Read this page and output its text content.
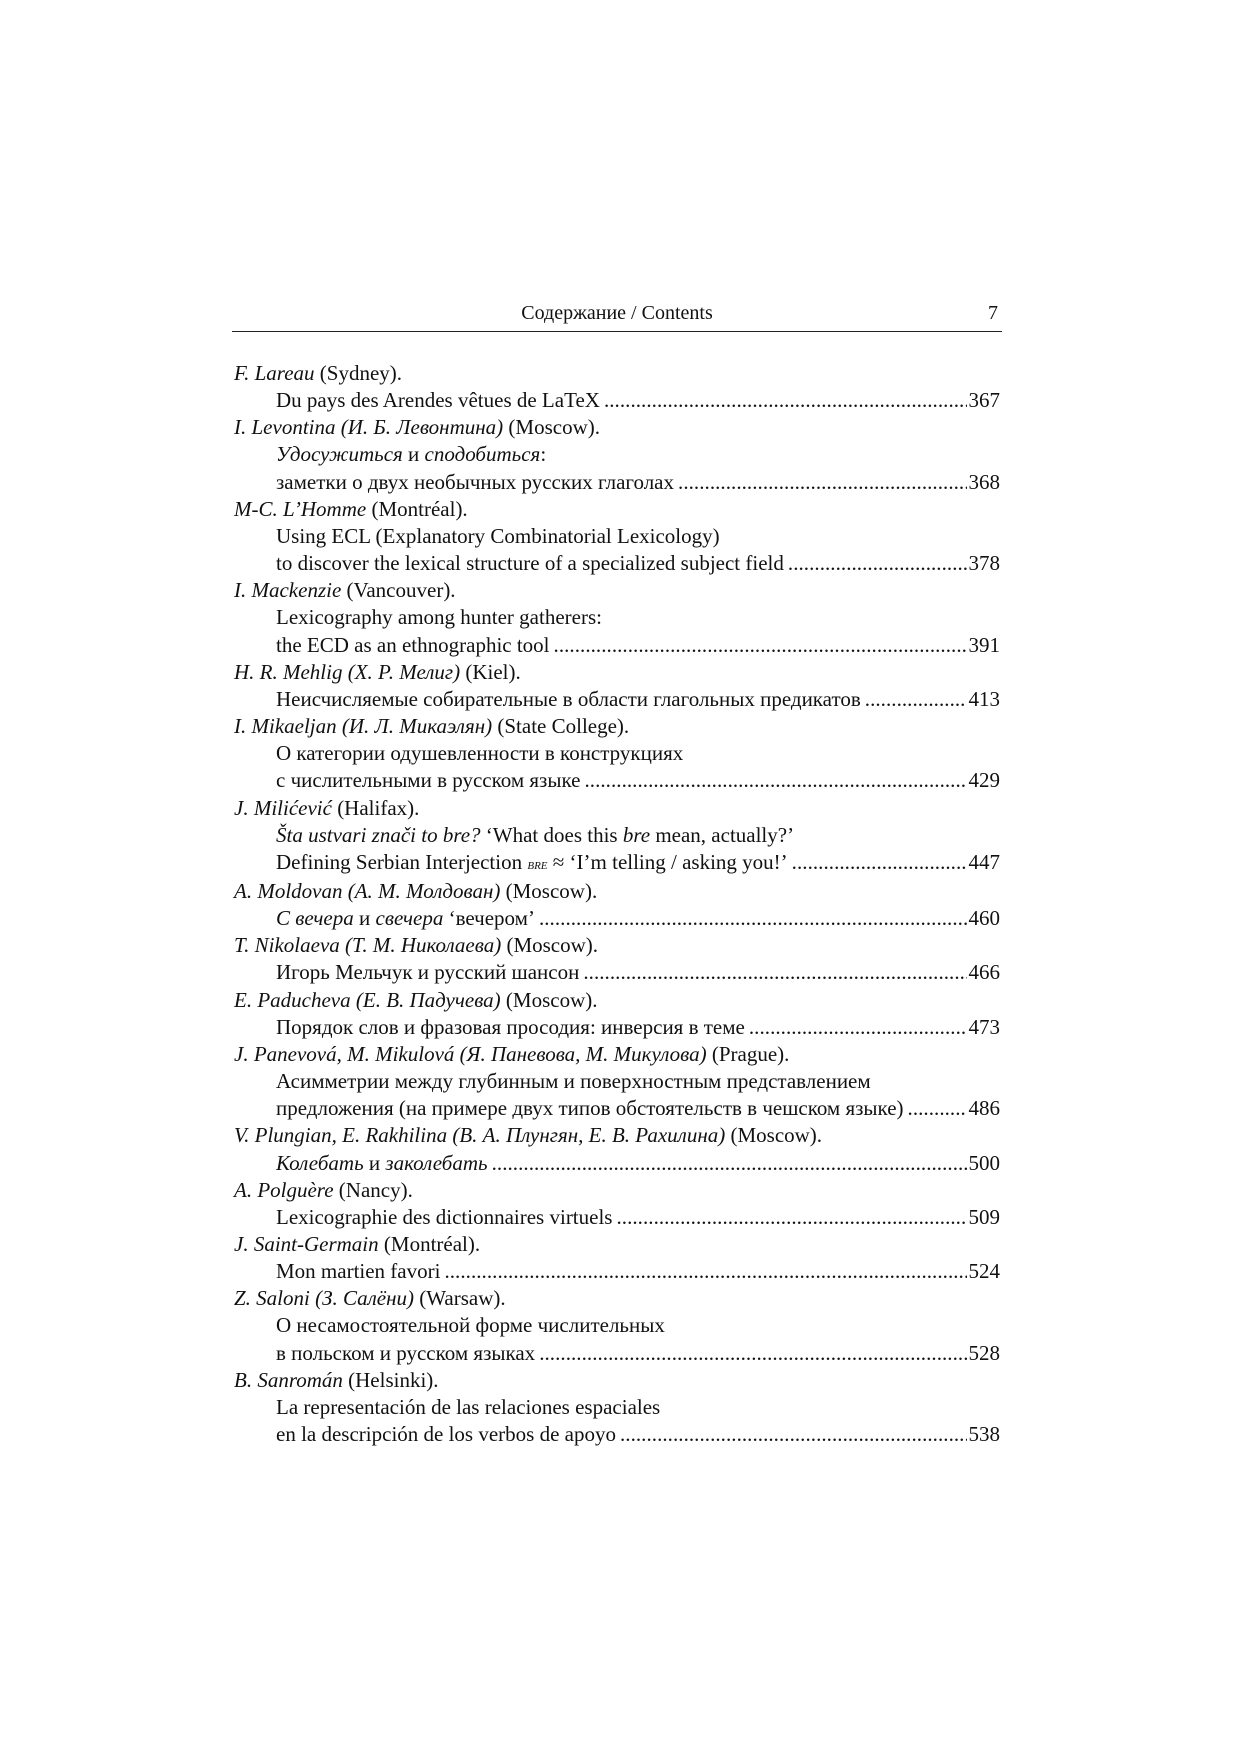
Содержание / Contents	7
F. Lareau (Sydney).
Du pays des Arendes vêtues de LaTeX . . .	367
I. Levontina (И. Б. Левонтина) (Moscow).
Удосужиться и сподобиться:
заметки о двух необычных русских глаголах . . .	368
M-C. L’Homme (Montréal).
Using ECL (Explanatory Combinatorial Lexicology)
to discover the lexical structure of a specialized subject field . . .	378
I. Mackenzie (Vancouver).
Lexicography among hunter gatherers:
the ECD as an ethnographic tool . . .	391
H. R. Mehlig (Х. Р. Мелиг) (Kiel).
Неисчисляемые собирательные в области глагольных предикатов . . .	413
I. Mikaeljan (И. Л. Микаэлян) (State College).
О категории одушевленности в конструкциях
с числительными в русском языке . . .	429
J. Milićević (Halifax).
Šta ustvari znači to bre? ‘What does this bre mean, actually?’
Defining Serbian Interjection bre ≈ ‘I’m telling / asking you!’ . . .	447
A. Moldovan (А. М. Молдован) (Moscow).
С вечера и свечера ‘вечером’ . . .	460
T. Nikolaeva (Т. М. Николаева) (Moscow).
Игорь Мельчук и русский шансон . . .	466
E. Paducheva (Е. В. Падучева) (Moscow).
Порядок слов и фразовая просодия: инверсия в теме . . .	473
J. Panevová, M. Mikulová (Я. Паневова, М. Микулова) (Prague).
Асимметрии между глубинным и поверхностным представлением
предложения (на примере двух типов обстоятельств в чешском языке) . . .	486
V. Plungian, E. Rakhilina (В. А. Плунгян, Е. В. Рахилина) (Moscow).
Колебать и заколебать . . .	500
A. Polguère (Nancy).
Lexicographie des dictionnaires virtuels . . .	509
J. Saint-Germain (Montréal).
Mon martien favori . . .	524
Z. Saloni (З. Салёни) (Warsaw).
О несамостоятельной форме числительных
в польском и русском языках . . .	528
B. Sanromán (Helsinki).
La representación de las relaciones espaciales
en la descripción de los verbos de apoyo . . .	538
